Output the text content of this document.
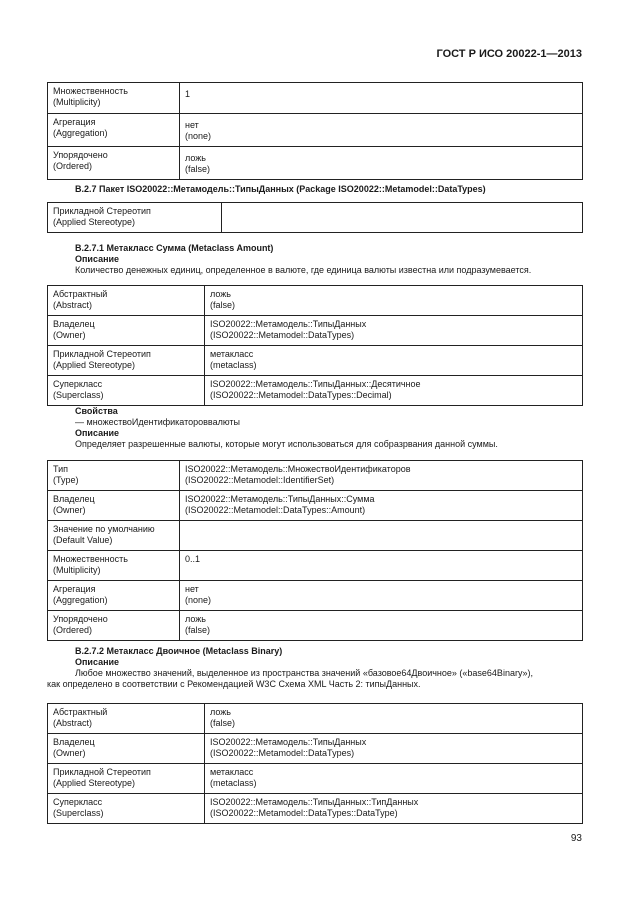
ГОСТ Р ИСО 20022-1—2013
Множественность
(Multiplicity)	1

Агрегация
(Aggregation)	нет
(none)

Упорядочено
(Ordered)	ложь
(false)
B.2.7 Пакет ISO20022::Метамодель::ТипыДанных (Package ISO20022::Metamodel::DataTypes)
Прикладной Стереотип
(Applied Stereotype)

B.2.7.1 Метакласс Сумма (Metaclass Amount)
Описание
Количество денежных единиц, определенное в валюте, где единица валюты известна или подразумевается.
Абстрактный
(Abstract)	ложь
(false)

Владелец
(Owner)	ISO20022::Метамодель::ТипыДанных
(ISO20022::Metamodel::DataTypes)

Прикладной Стереотип
(Applied Stereotype)	метакласс
(metaclass)

Суперкласс
(Superclass)	ISO20022::Метамодель::ТипыДанных::Десятичное
(ISO20022::Metamodel::DataTypes::Decimal)
Свойства
— множествоИдентификатороввалюты
Описание
Определяет разрешенные валюты, которые могут использоваться для собразрвания данной суммы.
Тип
(Type)	ISO20022::Метамодель::МножествоИдентификаторов
(ISO20022::Metamodel::IdentifierSet)

Владелец
(Owner)	ISO20022::Метамодель::ТипыДанных::Сумма
(ISO20022::Metamodel::DataTypes::Amount)

Значение по умолчанию
(Default Value)	

Множественность
(Multiplicity)	0..1

Агрегация
(Aggregation)	нет
(none)

Упорядочено
(Ordered)	ложь
(false)
B.2.7.2 Метакласс Двоичное (Metaclass Binary)
Описание
Любое множество значений, выделенное из пространства значений «базовое64Двоичное» («base64Binary»),
как определено в соответствии с Рекомендацией W3C Схема XML Часть 2: типыДанных.
Абстрактный
(Abstract)	ложь
(false)

Владелец
(Owner)	ISO20022::Метамодель::ТипыДанных
(ISO20022::Metamodel::DataTypes)

Прикладной Стереотип
(Applied Stereotype)	метакласс
(metaclass)

Суперкласс
(Superclass)	ISO20022::Метамодель::ТипыДанных::ТипДанных
(ISO20022::Metamodel::DataTypes::DataType)
93
